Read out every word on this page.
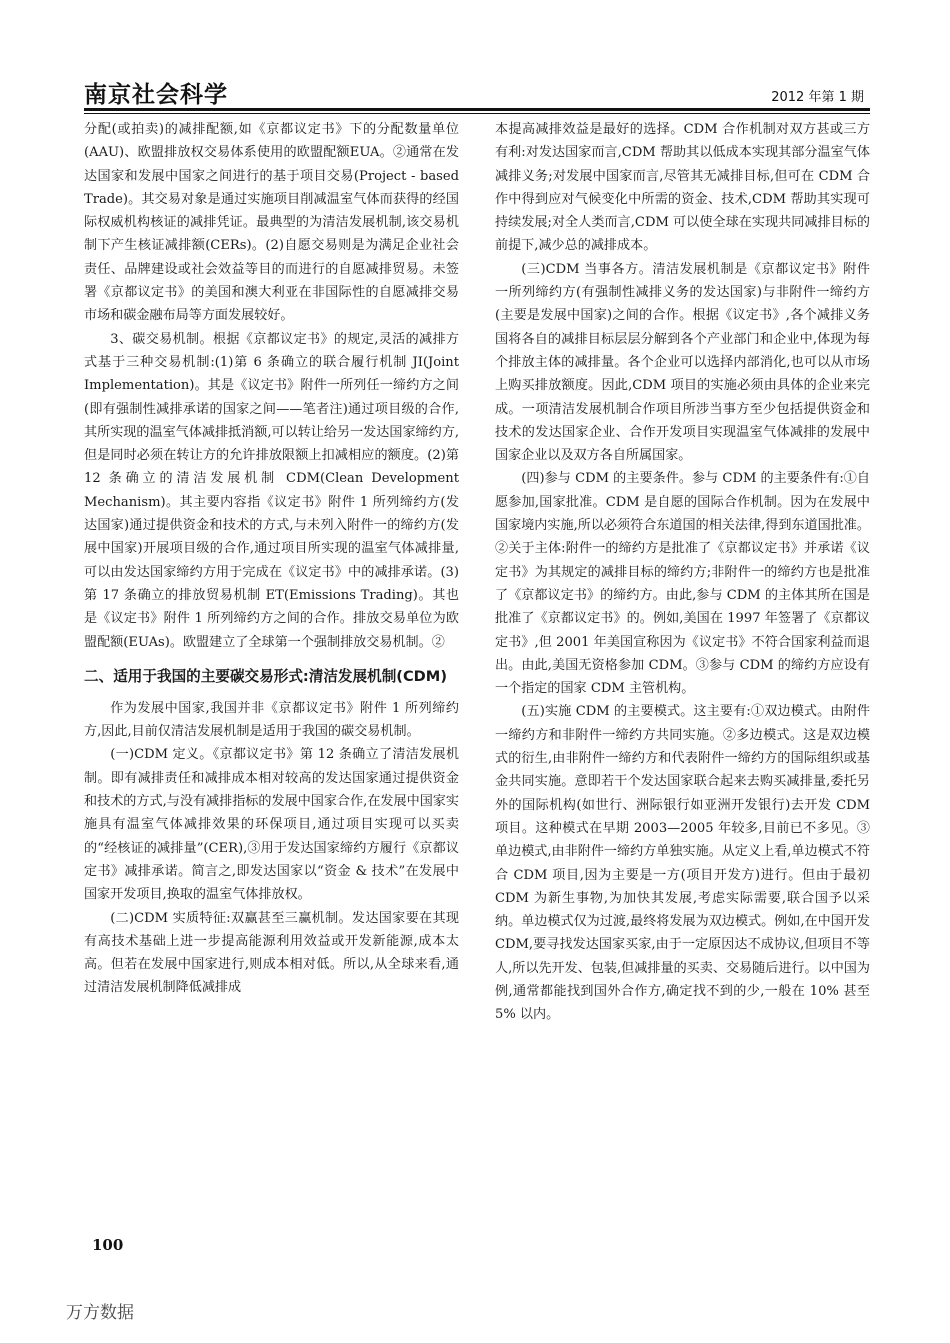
南京社会科学	2012 年第 1 期

分配(或拍卖)的减排配额,如《京都议定书》下的分配数量单位(AAU)、欧盟排放权交易体系使用的欧盟配额EUA。②通常在发达国家和发展中国家之间进行的基于项目交易(Project - based Trade)。其交易对象是通过实施项目削减温室气体而获得的经国际权威机构核证的减排凭证。最典型的为清洁发展机制,该交易机制下产生核证减排额(CERs)。(2)自愿交易则是为满足企业社会责任、品牌建设或社会效益等目的而进行的自愿减排贸易。未签署《京都议定书》的美国和澳大利亚在非国际性的自愿减排交易市场和碳金融布局等方面发展较好。

3、碳交易机制。根据《京都议定书》的规定,灵活的减排方式基于三种交易机制:(1)第 6 条确立的联合履行机制 JI(Joint Implementation)。其是《议定书》附件一所列任一缔约方之间(即有强制性减排承诺的国家之间——笔者注)通过项目级的合作,其所实现的温室气体减排抵消额,可以转让给另一发达国家缔约方,但是同时必须在转让方的允许排放限额上扣减相应的额度。(2)第 12 条确立的清洁发展机制 CDM(Clean Development Mechanism)。其主要内容指《议定书》附件 1 所列缔约方(发达国家)通过提供资金和技术的方式,与未列入附件一的缔约方(发展中国家)开展项目级的合作,通过项目所实现的温室气体减排量,可以由发达国家缔约方用于完成在《议定书》中的减排承诺。(3)第 17 条确立的排放贸易机制 ET(Emissions Trading)。其也是《议定书》附件 1 所列缔约方之间的合作。排放交易单位为欧盟配额(EUAs)。欧盟建立了全球第一个强制排放交易机制。②

二、适用于我国的主要碳交易形式:清洁发展机制(CDM)

作为发展中国家,我国并非《京都议定书》附件 1 所列缔约方,因此,目前仅清洁发展机制是适用于我国的碳交易机制。

(一)CDM 定义。《京都议定书》第 12 条确立了清洁发展机制。即有减排责任和减排成本相对较高的发达国家通过提供资金和技术的方式,与没有减排指标的发展中国家合作,在发展中国家实施具有温室气体减排效果的环保项目,通过项目实现可以买卖的“经核证的减排量”(CER),③用于发达国家缔约方履行《京都议定书》减排承诺。简言之,即发达国家以“资金 & 技术”在发展中国家开发项目,换取的温室气体排放权。

(二)CDM 实质特征:双赢甚至三赢机制。发达国家要在其现有高技术基础上进一步提高能源利用效益或开发新能源,成本太高。但若在发展中国家进行,则成本相对低。所以,从全球来看,通过清洁发展机制降低减排成

本提高减排效益是最好的选择。CDM 合作机制对双方甚或三方有利:对发达国家而言,CDM 帮助其以低成本实现其部分温室气体减排义务;对发展中国家而言,尽管其无减排目标,但可在 CDM 合作中得到应对气候变化中所需的资金、技术,CDM 帮助其实现可持续发展;对全人类而言,CDM 可以使全球在实现共同减排目标的前提下,减少总的减排成本。

(三)CDM 当事各方。清洁发展机制是《京都议定书》附件一所列缔约方(有强制性减排义务的发达国家)与非附件一缔约方(主要是发展中国家)之间的合作。根据《议定书》,各个减排义务国将各自的减排目标层层分解到各个产业部门和企业中,体现为每个排放主体的减排量。各个企业可以选择内部消化,也可以从市场上购买排放额度。因此,CDM 项目的实施必须由具体的企业来完成。一项清洁发展机制合作项目所涉当事方至少包括提供资金和技术的发达国家企业、合作开发项目实现温室气体减排的发展中国家企业以及双方各自所属国家。

(四)参与 CDM 的主要条件。参与 CDM 的主要条件有:①自愿参加,国家批准。CDM 是自愿的国际合作机制。因为在发展中国家境内实施,所以必须符合东道国的相关法律,得到东道国批准。②关于主体:附件一的缔约方是批准了《京都议定书》并承诺《议定书》为其规定的减排目标的缔约方;非附件一的缔约方也是批准了《京都议定书》的缔约方。由此,参与 CDM 的主体其所在国是批准了《京都议定书》的。例如,美国在 1997 年签署了《京都议定书》,但 2001 年美国宣称因为《议定书》不符合国家利益而退出。由此,美国无资格参加 CDM。③参与 CDM 的缔约方应设有一个指定的国家 CDM 主管机构。

(五)实施 CDM 的主要模式。这主要有:①双边模式。由附件一缔约方和非附件一缔约方共同实施。②多边模式。这是双边模式的衍生,由非附件一缔约方和代表附件一缔约方的国际组织或基金共同实施。意即若干个发达国家联合起来去购买减排量,委托另外的国际机构(如世行、洲际银行如亚洲开发银行)去开发 CDM 项目。这种模式在早期 2003—2005 年较多,目前已不多见。③单边模式,由非附件一缔约方单独实施。从定义上看,单边模式不符合 CDM 项目,因为主要是一方(项目开发方)进行。但由于最初 CDM 为新生事物,为加快其发展,考虑实际需要,联合国予以采纳。单边模式仅为过渡,最终将发展为双边模式。例如,在中国开发 CDM,要寻找发达国家买家,由于一定原因达不成协议,但项目不等人,所以先开发、包装,但减排量的买卖、交易随后进行。以中国为例,通常都能找到国外合作方,确定找不到的少,一般在 10% 甚至 5% 以内。

100
万方数据
